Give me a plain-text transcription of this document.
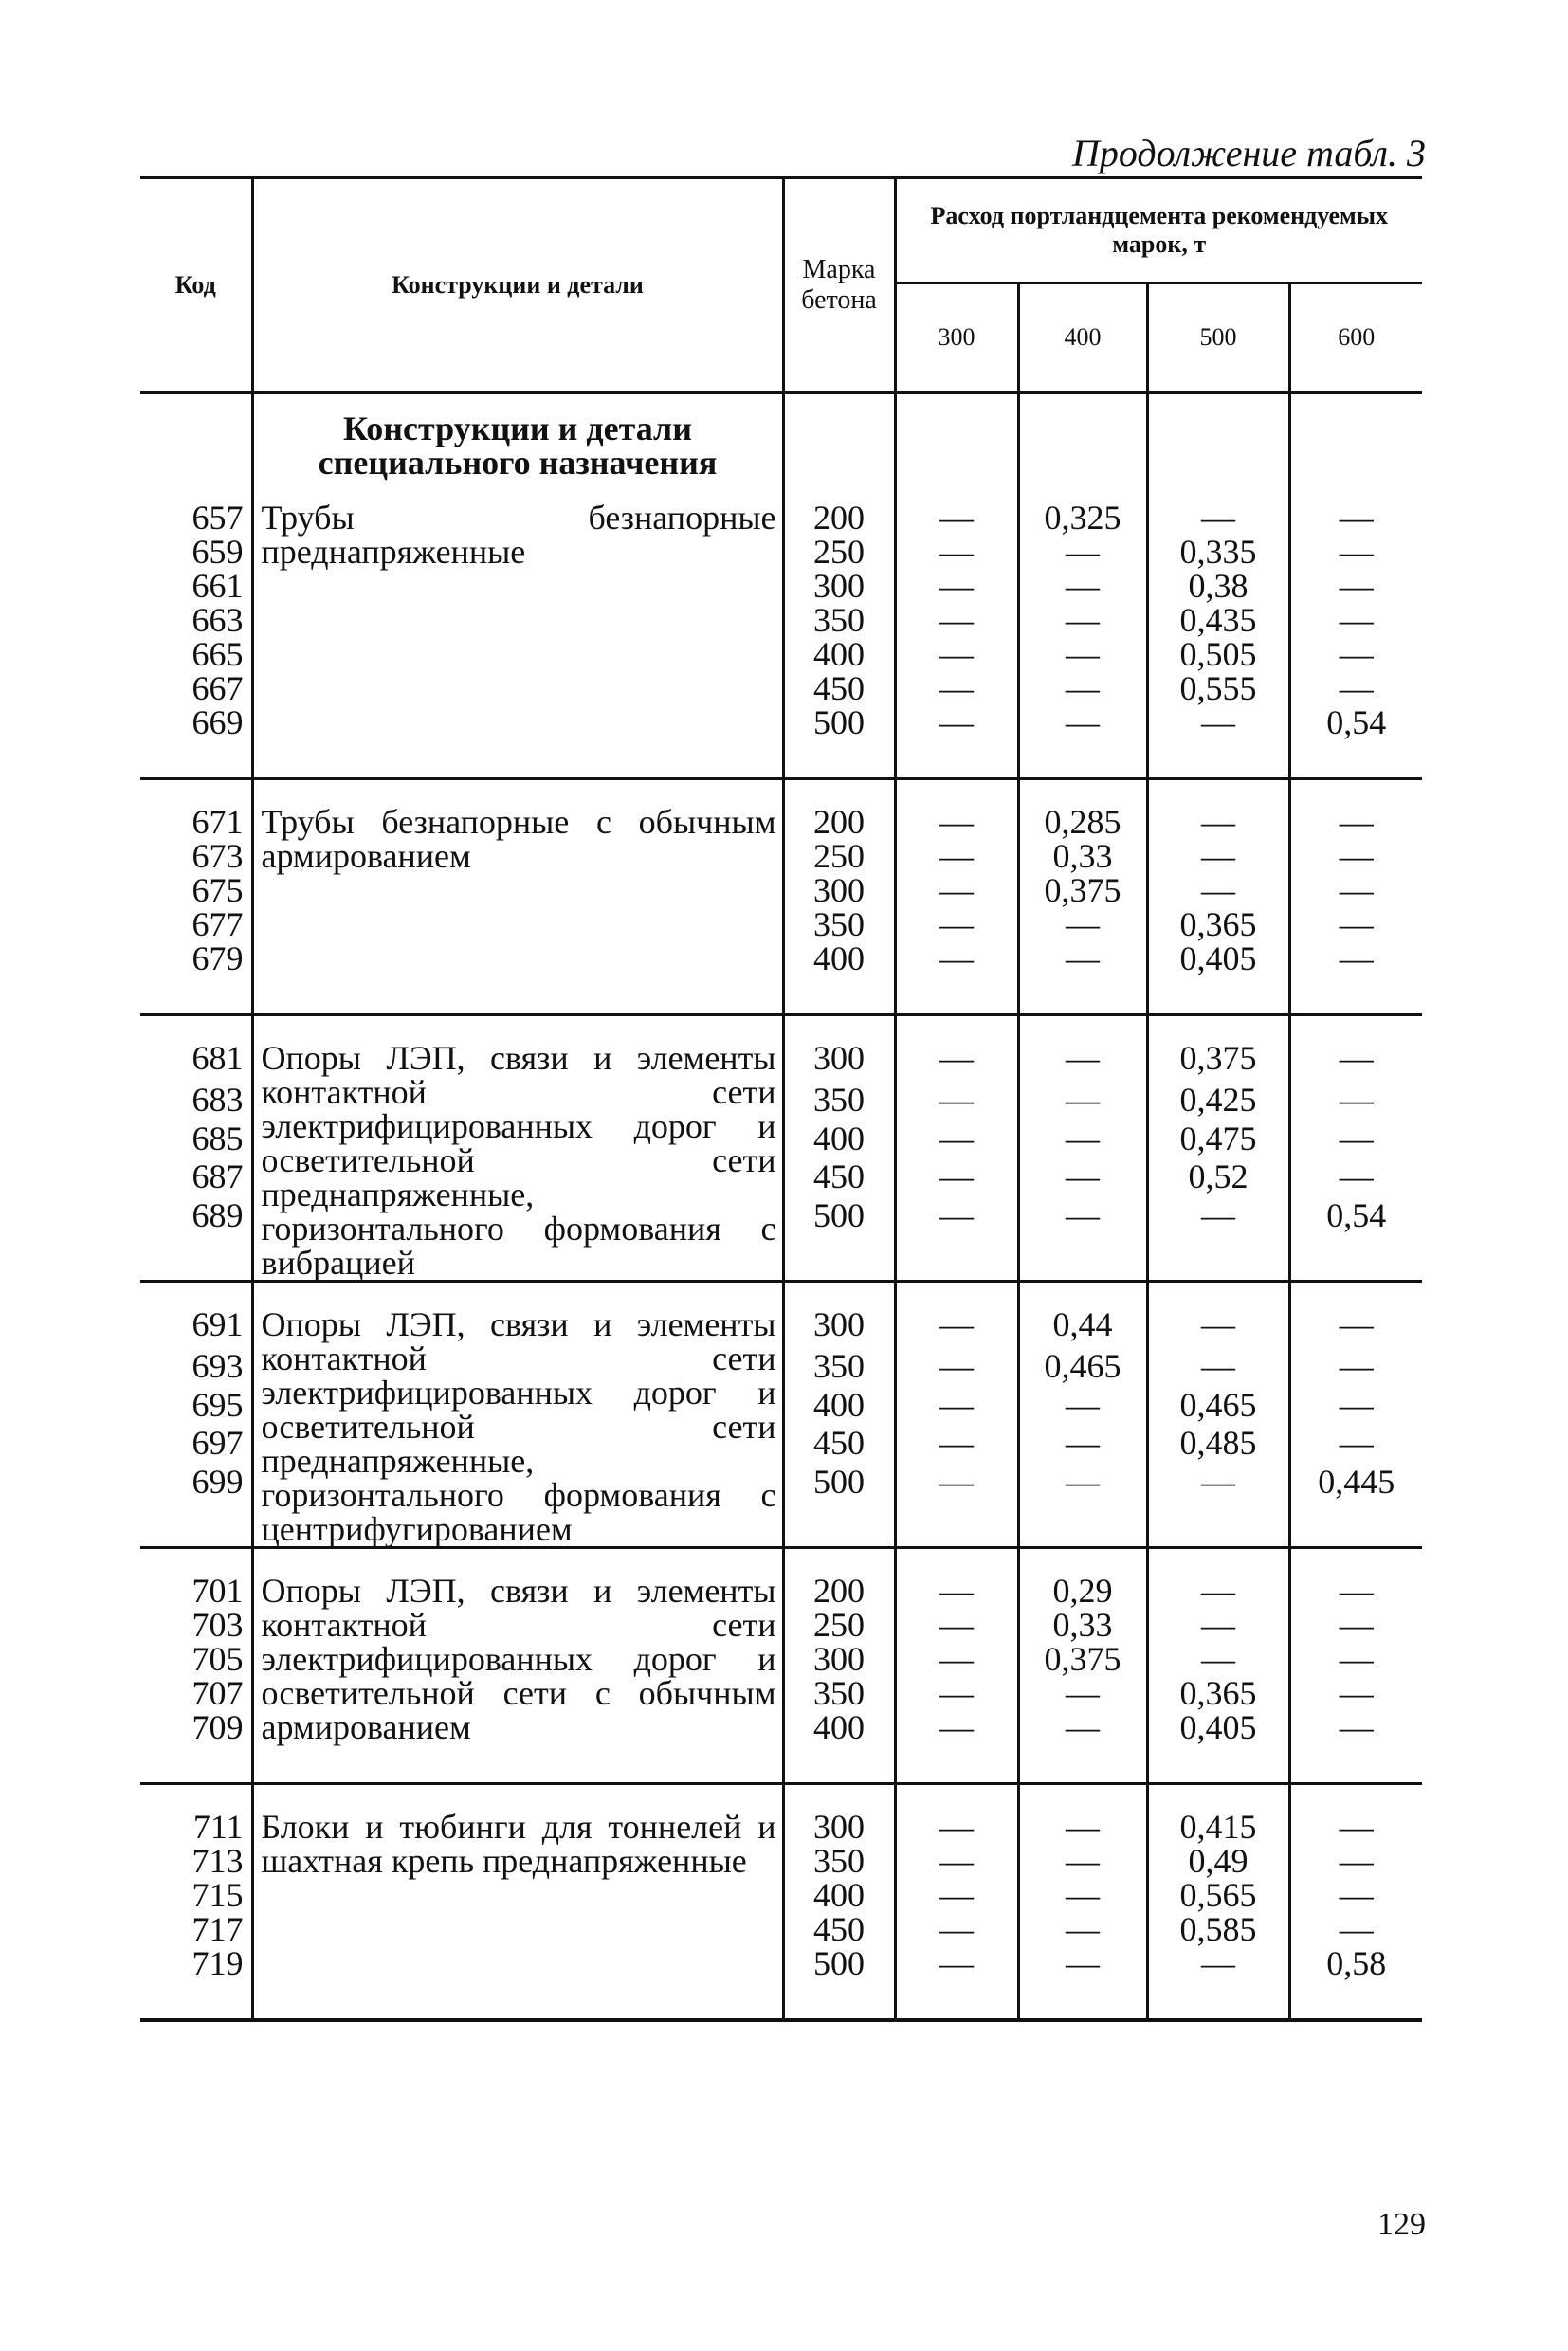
Продолжение табл. 3
Код	Конструкции и детали	Марка бетона	Расход портландцемента рекомендуемых марок, т			
			300	400	500	600
	Конструкции и детали специального назначения					
657	Трубы безнапорные преднапряженные	200	—	0,325	—	—
659		250	—	—	0,335	—
661		300	—	—	0,38	—
663		350	—	—	0,435	—
665		400	—	—	0,505	—
667		450	—	—	0,555	—
669		500	—	—	—	0,54
671	Трубы безнапорные с обычным армированием	200	—	0,285	—	—
673		250	—	0,33	—	—
675		300	—	0,375	—	—
677		350	—	—	0,365	—
679		400	—	—	0,405	—
681	Опоры ЛЭП, связи и элементы контактной сети электрифицированных дорог и осветительной сети преднапряженные, горизонтального формования с вибрацией	300	—	—	0,375	—
683		350	—	—	0,425	—
685		400	—	—	0,475	—
687		450	—	—	0,52	—
689		500	—	—	—	0,54
691	Опоры ЛЭП, связи и элементы контактной сети электрифицированных дорог и осветительной сети преднапряженные, горизонтального формования с центрифугированием	300	—	0,44	—	—
693		350	—	0,465	—	—
695		400	—	—	0,465	—
697		450	—	—	0,485	—
699		500	—	—	—	0,445
701	Опоры ЛЭП, связи и элементы контактной сети электрифицированных дорог и осветительной сети с обычным армированием	200	—	0,29	—	—
703		250	—	0,33	—	—
705		300	—	0,375	—	—
707		350	—	—	0,365	—
709		400	—	—	0,405	—
711	Блоки и тюбинги для тоннелей и шахтная крепь преднапряженные	300	—	—	0,415	—
713		350	—	—	0,49	—
715		400	—	—	0,565	—
717		450	—	—	0,585	—
719		500	—	—	—	0,58
129
